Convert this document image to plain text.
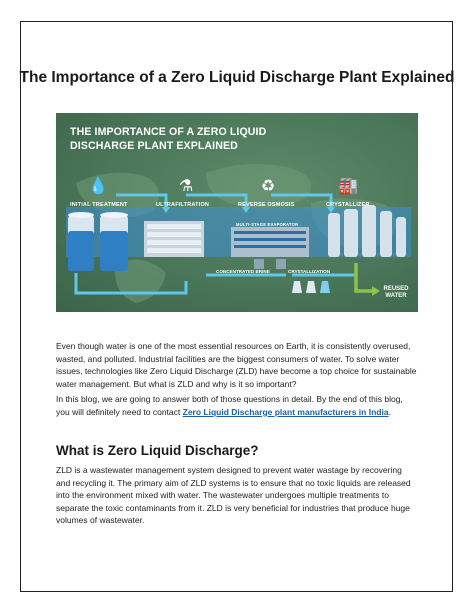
The Importance of a Zero Liquid Discharge Plant Explained
THE IMPORTANCE OF A ZERO LIQUID DISCHARGE PLANT EXPLAINED
💧	⚗	♻	🏭
INITIAL TREATMENT	ULTRAFILTRATION	REVERSE OSMOSIS	CRYSTALLIZER
MULTI-STAGE EVAPORATOR
CONCENTRATED BRINE	CRYSTALLIZATION
REUSED WATER

Even though water is one of the most essential resources on Earth, it is consistently overused, wasted, and polluted. Industrial facilities are the biggest consumers of water. To solve water issues, technologies like Zero Liquid Discharge (ZLD) have become a top choice for sustainable water management. But what is ZLD and why is it so important?

In this blog, we are going to answer both of those questions in detail. By the end of this blog, you will definitely need to contact Zero Liquid Discharge plant manufacturers in India.

What is Zero Liquid Discharge?

ZLD is a wastewater management system designed to prevent water wastage by recovering and recycling it. The primary aim of ZLD systems is to ensure that no toxic liquids are released into the environment mixed with water. The wastewater undergoes multiple treatments to separate the toxic contaminants from it. ZLD is very beneficial for industries that produce huge volumes of wastewater.
